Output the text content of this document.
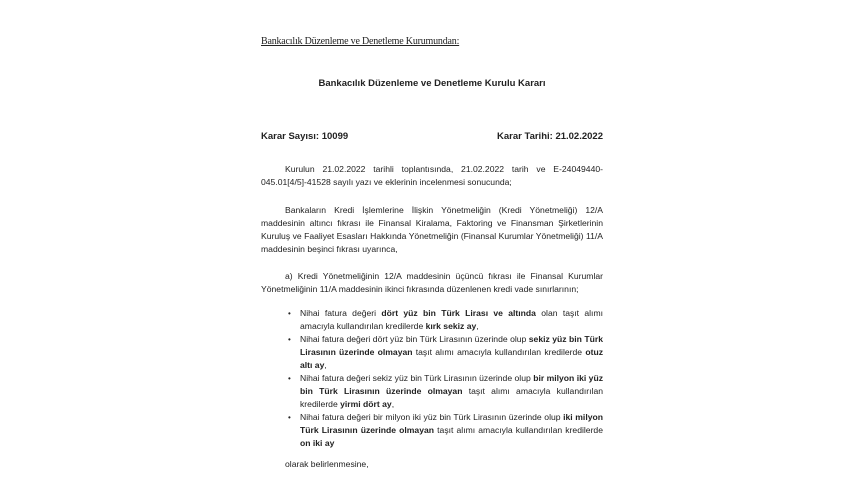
Bankacılık Düzenleme ve Denetleme Kurumundan:
Bankacılık Düzenleme ve Denetleme Kurulu Kararı
Karar Sayısı: 10099	Karar Tarihi: 21.02.2022

Kurulun 21.02.2022 tarihli toplantısında, 21.02.2022 tarih ve E-24049440-045.01[4/5]-41528 sayılı yazı ve eklerinin incelenmesi sonucunda;

Bankaların Kredi İşlemlerine İlişkin Yönetmeliğin (Kredi Yönetmeliği) 12/A maddesinin altıncı fıkrası ile Finansal Kiralama, Faktoring ve Finansman Şirketlerinin Kuruluş ve Faaliyet Esasları Hakkında Yönetmeliğin (Finansal Kurumlar Yönetmeliği) 11/A maddesinin beşinci fıkrası uyarınca,

a) Kredi Yönetmeliğinin 12/A maddesinin üçüncü fıkrası ile Finansal Kurumlar Yönetmeliğinin 11/A maddesinin ikinci fıkrasında düzenlenen kredi vade sınırlarının;

• Nihai fatura değeri dört yüz bin Türk Lirası ve altında olan taşıt alımı amacıyla kullandırılan kredilerde kırk sekiz ay,
• Nihai fatura değeri dört yüz bin Türk Lirasının üzerinde olup sekiz yüz bin Türk Lirasının üzerinde olmayan taşıt alımı amacıyla kullandırılan kredilerde otuz altı ay,
• Nihai fatura değeri sekiz yüz bin Türk Lirasının üzerinde olup bir milyon iki yüz bin Türk Lirasının üzerinde olmayan taşıt alımı amacıyla kullandırılan kredilerde yirmi dört ay,
• Nihai fatura değeri bir milyon iki yüz bin Türk Lirasının üzerinde olup iki milyon Türk Lirasının üzerinde olmayan taşıt alımı amacıyla kullandırılan kredilerde on iki ay
olarak belirlenmesine,
